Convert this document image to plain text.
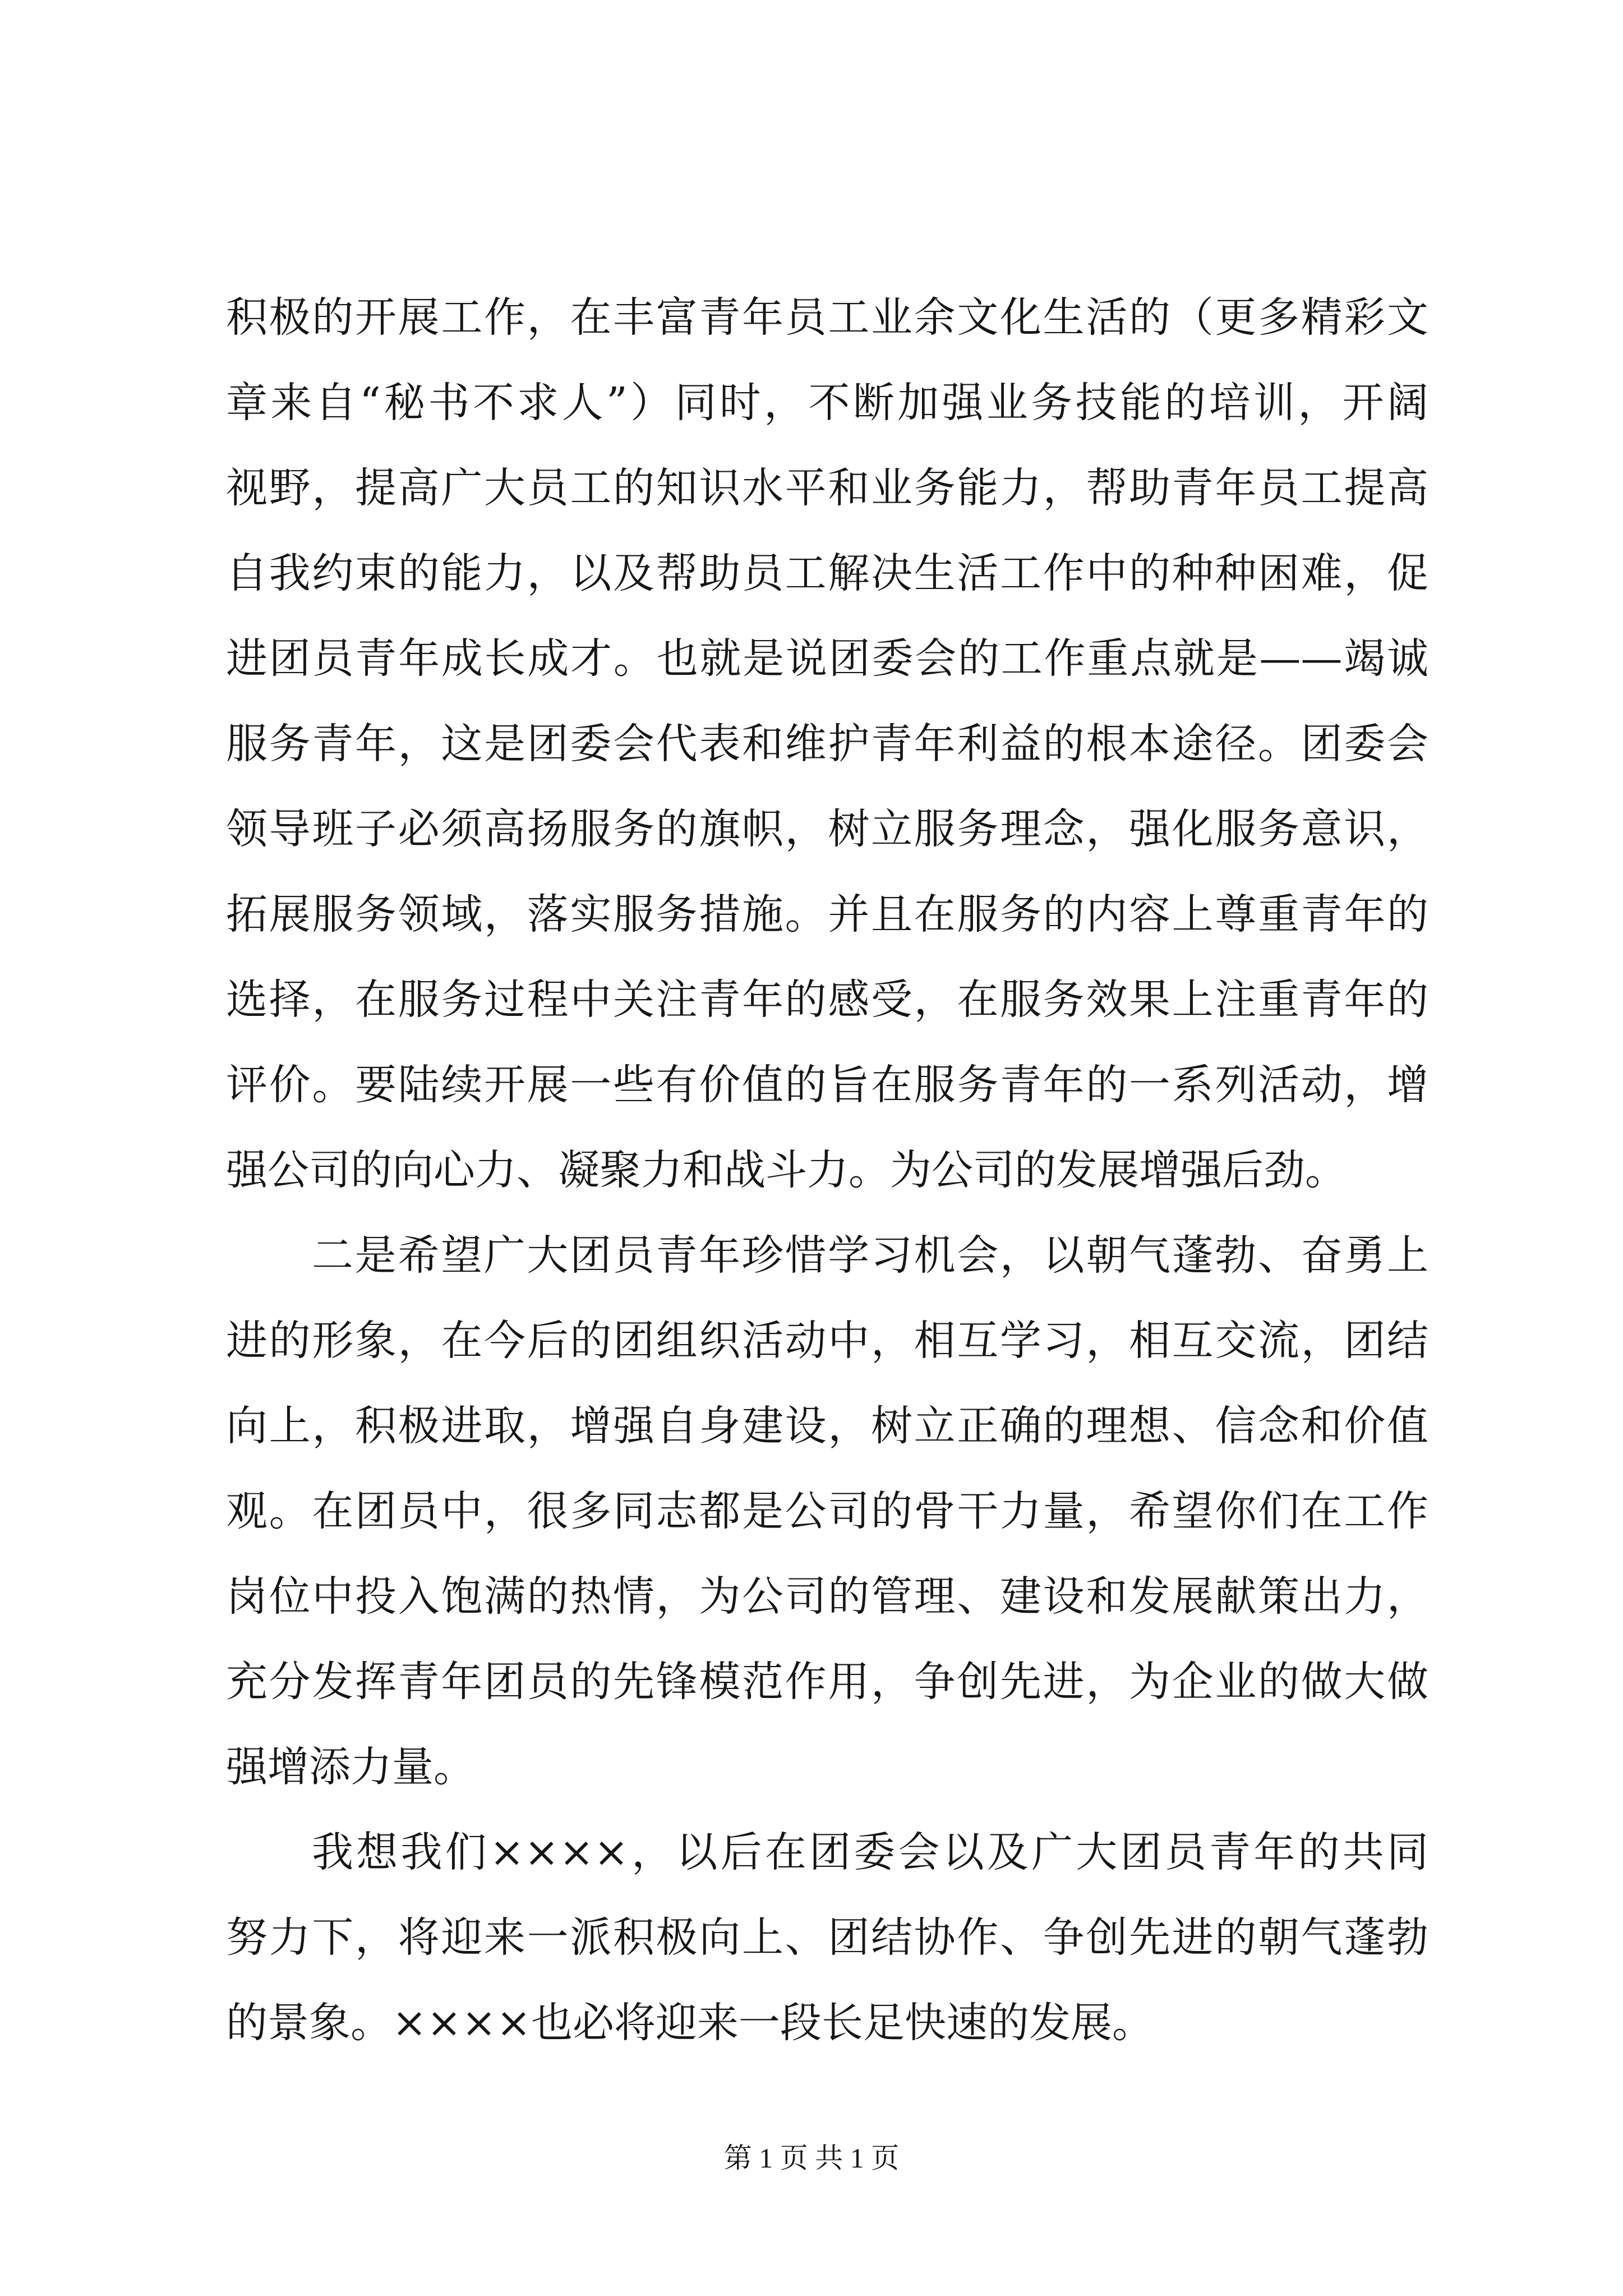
积极的开展工作，在丰富青年员工业余文化生活的（更多精彩文
章来自“秘书不求人”）同时，不断加强业务技能的培训，开阔
视野，提高广大员工的知识水平和业务能力，帮助青年员工提高
自我约束的能力，以及帮助员工解决生活工作中的种种困难，促
进团员青年成长成才。也就是说团委会的工作重点就是——竭诚
服务青年，这是团委会代表和维护青年利益的根本途径。团委会
领导班子必须高扬服务的旗帜，树立服务理念，强化服务意识，
拓展服务领域，落实服务措施。并且在服务的内容上尊重青年的
选择，在服务过程中关注青年的感受，在服务效果上注重青年的
评价。要陆续开展一些有价值的旨在服务青年的一系列活动，增
强公司的向心力、凝聚力和战斗力。为公司的发展增强后劲。
二是希望广大团员青年珍惜学习机会，以朝气蓬勃、奋勇上
进的形象，在今后的团组织活动中，相互学习，相互交流，团结
向上，积极进取，增强自身建设，树立正确的理想、信念和价值
观。在团员中，很多同志都是公司的骨干力量，希望你们在工作
岗位中投入饱满的热情，为公司的管理、建设和发展献策出力，
充分发挥青年团员的先锋模范作用，争创先进，为企业的做大做
强增添力量。
我想我们××××，以后在团委会以及广大团员青年的共同
努力下，将迎来一派积极向上、团结协作、争创先进的朝气蓬勃
的景象。××××也必将迎来一段长足快速的发展。
第 1 页 共 1 页
